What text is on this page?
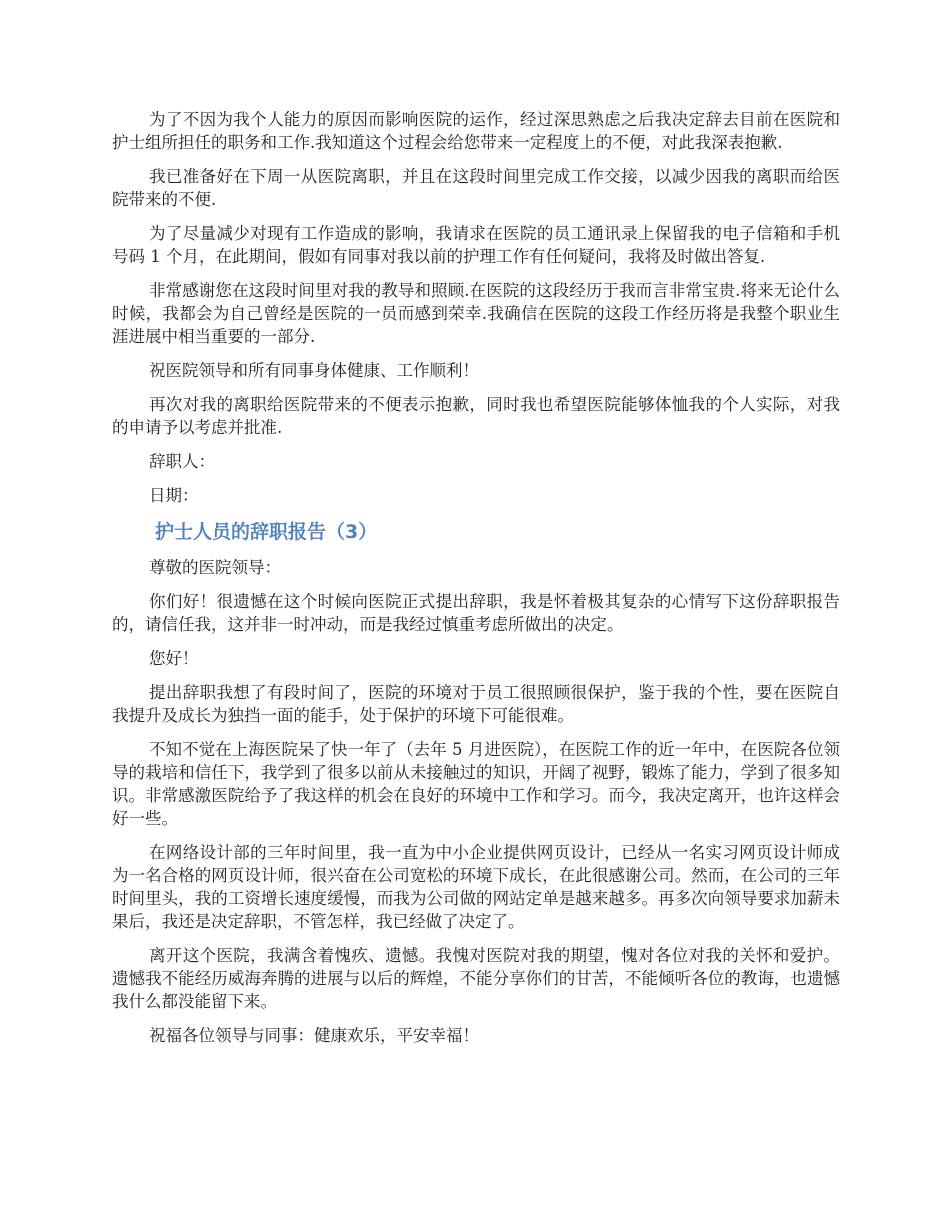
为了不因为我个人能力的原因而影响医院的运作，经过深思熟虑之后我决定辞去目前在医院和护士组所担任的职务和工作.我知道这个过程会给您带来一定程度上的不便，对此我深表抱歉.

我已准备好在下周一从医院离职，并且在这段时间里完成工作交接，以减少因我的离职而给医院带来的不便.

为了尽量减少对现有工作造成的影响，我请求在医院的员工通讯录上保留我的电子信箱和手机号码 1 个月，在此期间，假如有同事对我以前的护理工作有任何疑问，我将及时做出答复.

非常感谢您在这段时间里对我的教导和照顾.在医院的这段经历于我而言非常宝贵.将来无论什么时候，我都会为自己曾经是医院的一员而感到荣幸.我确信在医院的这段工作经历将是我整个职业生涯进展中相当重要的一部分.

祝医院领导和所有同事身体健康、工作顺利！

再次对我的离职给医院带来的不便表示抱歉，同时我也希望医院能够体恤我的个人实际，对我的申请予以考虑并批准.

辞职人：

日期：

护士人员的辞职报告（3）

尊敬的医院领导：

你们好！很遗憾在这个时候向医院正式提出辞职，我是怀着极其复杂的心情写下这份辞职报告的，请信任我，这并非一时冲动，而是我经过慎重考虑所做出的决定。

您好！

提出辞职我想了有段时间了，医院的环境对于员工很照顾很保护，鉴于我的个性，要在医院自我提升及成长为独挡一面的能手，处于保护的环境下可能很难。

不知不觉在上海医院呆了快一年了（去年 5 月进医院），在医院工作的近一年中，在医院各位领导的栽培和信任下，我学到了很多以前从未接触过的知识，开阔了视野，锻炼了能力，学到了很多知识。非常感激医院给予了我这样的机会在良好的环境中工作和学习。而今，我决定离开，也许这样会好一些。

在网络设计部的三年时间里，我一直为中小企业提供网页设计，已经从一名实习网页设计师成为一名合格的网页设计师，很兴奋在公司宽松的环境下成长，在此很感谢公司。然而，在公司的三年时间里头，我的工资增长速度缓慢，而我为公司做的网站定单是越来越多。再多次向领导要求加薪未果后，我还是决定辞职，不管怎样，我已经做了决定了。

离开这个医院，我满含着愧疚、遗憾。我愧对医院对我的期望，愧对各位对我的关怀和爱护。遗憾我不能经历威海奔腾的进展与以后的辉煌，不能分享你们的甘苦，不能倾听各位的教诲，也遗憾我什么都没能留下来。

祝福各位领导与同事：健康欢乐，平安幸福！
